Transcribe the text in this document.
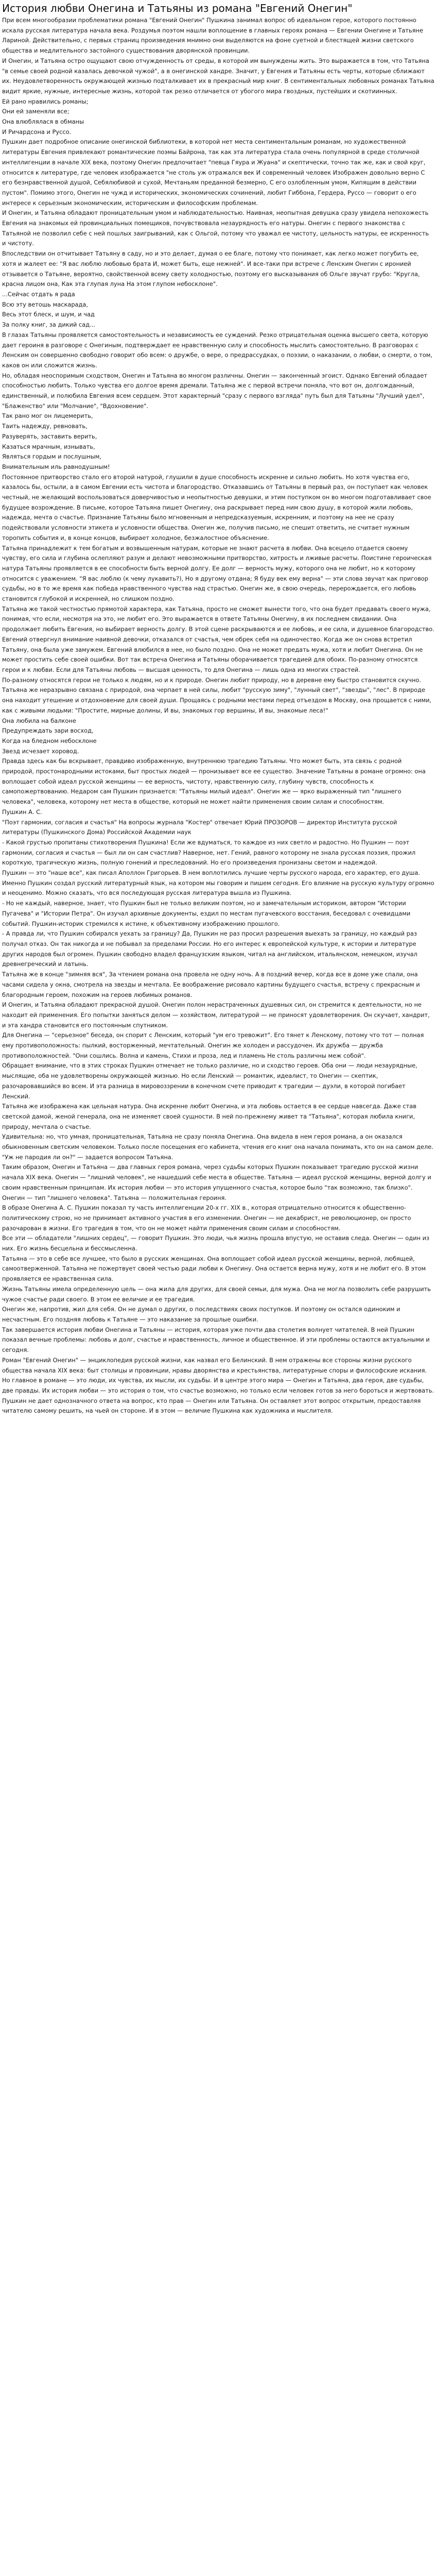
История любви Онегина и Татьяны из романа "Евгений Онегин"

При всем многообразии проблематики романа "Евгений Онегин" Пушкина занимал вопрос об идеальном герое, которого постоянно искала русская литература начала века. Роздумья поэтом нашли воплощение в главных героях романа — Евгении Онегине и Татьяне Лариной. Действительно, с первых страниц произведения мнимно они выделяются на фоне суетной и блестящей жизни светского общества и медлительного застойного существования дворянской провинции.

И Онегин, и Татьяна остро ощущают свою отчужденность от среды, в которой им вынуждены жить. Это выражается в том, что Татьяна "в семье своей родной казалась девочкой чужой", а в онегинской хандре. Значит, у Евгения и Татьяны есть черты, которые сближают их. Неудовлетворенность окружающей жизнью подталкивает их в прекрасный мир книг. В сентиментальных любовных романах Татьяна видит яркие, нужные, интересные жизнь, которой так резко отличается от убогого мира гвоздных, пустейших и скотиинных.

Ей рано нравились романы;

Они ей заменяли все;

Она влюблялася в обманы

И Ричардсона и Руссо.

Пушкин дает подробное описание онегинской библиотеки, в которой нет места сентиментальным романам, но художественной литературы Евгения привлекают романтические поэмы Байрона, так как эта литература стала очень популярной в среде столичной интеллигенции в начале XIX века, поэтому Онегин предпочитает "певца Гяура и Жуана" и скептически, точно так же, как и свой круг, относится к литературе, где человек изображается "не столь уж отражался век И современный человек Изображен довольно верно С его безнравственной душой, Себялюбивой и сухой, Мечтаньям преданной безмерно, С его озлобленным умом, Кипящим в действии пустом". Помимо этого, Онегин не чужд и исторических, экономических сочинений, любит Гиббона, Гердера, Руссо — говорит о его интересе к серьезным экономическим, историческим и философским проблемам.

И Онегин, и Татьяна обладают проницательным умом и наблюдательностью. Наивная, неопытная девушка сразу увидела непохожесть Евгения на знакомых ей провинциальных помещиков, почувствовала незаурядность его натуры. Онегин с первого знакомства с Татьяной не позволил себе с ней пошлых заигрываний, как с Ольгой, потому что уважал ее чистоту, цельность натуры, ее искренность и чистоту.

Впоследствии он отчитывает Татьяну в саду, но и это делает, думая о ее благе, потому что понимает, как легко может погубить ее, хотя и жалеет ее: "Я вас люблю любовью брата И, может быть, еще нежней". И все-таки при встрече с Ленским Онегин с иронией отзывается о Татьяне, вероятно, свойственной всему свету холодностью, поэтому его высказывания об Ольге звучат грубо: "Кругла, красна лицом она, Как эта глупая луна На этом глупом небосклоне".

...Сейчас отдать я рада

Всю эту ветошь маскарада,

Весь этот блеск, и шум, и чад

За полку книг, за дикий сад...

В глазах Татьяны проявляется самостоятельность и независимость ее суждений. Резко отрицательная оценка высшего света, которую дает героиня в разговоре с Онегиным, подтверждает ее нравственную силу и способность мыслить самостоятельно. В разговорах с Ленским он совершенно свободно говорит обо всем: о дружбе, о вере, о предрассудках, о поэзии, о наказании, о любви, о смерти, о том, каков он или сложится жизнь.

Но, обладая неоспоримым сходством, Онегин и Татьяна во многом различны. Онегин — законченный эгоист. Однако Евгений обладает способностью любить. Только чувства его долгое время дремали. Татьяна же с первой встречи поняла, что вот он, долгожданный, единственный, и полюбила Евгения всем сердцем. Этот характерный "сразу с первого взгляда" путь был для Татьяны "Лучший удел", "Блаженство" или "Молчание", "Вдохновение".

Так рано мог он лицемерить,

Таить надежду, ревновать,

Разуверять, заставить верить,

Казаться мрачным, изнывать,

Являться гордым и послушным,

Внимательным иль равнодушным!

Постоянное притворство стало его второй натурой, глушили в душе способность искренне и сильно любить. Но хотя чувства его, казалось бы, остыли, а в самом Евгении есть чистота и благородство. Отказавшись от Татьяны в первый раз, он поступает как человек честный, не желающий воспользоваться доверчивостью и неопытностью девушки, и этим поступком он во многом подготавливает свое будущее возрождение. В письме, которое Татьяна пишет Онегину, она раскрывает перед ним свою душу, в которой жили любовь, надежда, мечта о счастье. Признание Татьяны было мгновенным и непредсказуемым, искренним, и поэтому на нее не сразу подействовали условности этикета и условности общества. Онегин же, получив письмо, не спешит ответить, не считает нужным торопить события и, в конце концов, выбирает холодное, безжалостное объяснение.

Татьяна принадлежит к тем богатым и возвышенным натурам, которые не знают расчета в любви. Она всецело отдается своему чувству, его сила и глубина ослепляют разум и делают невозможными притворство, хитрость и лживые расчеты. Поистине героическая натура Татьяны проявляется в ее способности быть верной долгу. Ее долг — верность мужу, которого она не любит, но к которому относится с уважением. "Я вас люблю (к чему лукавить?), Но я другому отдана; Я буду век ему верна" — эти слова звучат как приговор судьбы, но в то же время как победа нравственного чувства над страстью. Онегин же, в свою очередь, перерождается, его любовь становится глубокой и искренней, но слишком поздно.

Татьяна же такой честностью прямотой характера, как Татьяна, просто не сможет вынести того, что она будет предавать своего мужа, понимая, что если, несмотря на это, не любит его. Это выражается в ответе Татьяны Онегину, в их последнем свидании. Она продолжает любить Евгения, но выбирает верность долгу. В этой сцене раскрываются и ее любовь, и ее сила, и душевное благородство.

Евгений отвергнул внимание наивной девочки, отказался от счастья, чем обрек себя на одиночество. Когда же он снова встретил Татьяну, она была уже замужем. Евгений влюбился в нее, но было поздно. Она не может предать мужа, хотя и любит Онегина. Он не может простить себе своей ошибки. Вот так встреча Онегина и Татьяны оборачивается трагедией для обоих. По-разному относятся герои и к любви. Если для Татьяны любовь — высшая ценность, то для Онегина — лишь одна из многих страстей.

По-разному относятся герои не только к людям, но и к природе. Онегин любит природу, но в деревне ему быстро становится скучно. Татьяна же неразрывно связана с природой, она черпает в ней силы, любит "русскую зиму", "лунный свет", "звезды", "лес". В природе она находит утешение и отдохновение для своей души. Прощаясь с родными местами перед отъездом в Москву, она прощается с ними, как с живыми людьми: "Простите, мирные долины, И вы, знакомых гор вершины, И вы, знакомые леса!"

Она любила на балконе

Предупреждать зари восход,

Когда на бледном небосклоне

Звезд исчезает хоровод.

Правда здесь как бы вскрывает, правдиво изображенную, внутреннюю трагедию Татьяны. Что может быть, эта связь с родной природой, простонародными истоками, быт простых людей — пронизывает все ее существо. Значение Татьяны в романе огромно: она воплощает собой идеал русской женщины — ее верность, чистоту, нравственную силу, глубину чувств, способность к самопожертвованию. Недаром сам Пушкин признается: "Татьяны милый идеал". Онегин же — ярко выраженный тип "лишнего человека", человека, которому нет места в обществе, который не может найти применения своим силам и способностям.

Пушкин А. С.

"Поэт гармонии, согласия и счастья" На вопросы журнала "Костер" отвечает Юрий ПРОЗОРОВ — директор Института русской литературы (Пушкинского Дома) Российской Академии наук

- Какой грустью пропитаны стихотворения Пушкина! Если же вдуматься, то каждое из них светло и радостно. Но Пушкин — поэт гармонии, согласия и счастья — был ли он сам счастлив? Наверное, нет. Гений, равного которому не знала русская поэзия, прожил короткую, трагическую жизнь, полную гонений и преследований. Но его произведения пронизаны светом и надеждой.

Пушкин — это "наше все", как писал Аполлон Григорьев. В нем воплотились лучшие черты русского народа, его характер, его душа. Именно Пушкин создал русский литературный язык, на котором мы говорим и пишем сегодня. Его влияние на русскую культуру огромно и неоценимо. Можно сказать, что вся последующая русская литература вышла из Пушкина.

- Но не каждый, наверное, знает, что Пушкин был не только великим поэтом, но и замечательным историком, автором "Истории Пугачева" и "Истории Петра". Он изучал архивные документы, ездил по местам пугачевского восстания, беседовал с очевидцами событий. Пушкин-историк стремился к истине, к объективному изображению прошлого.

- А правда ли, что Пушкин собирался уехать за границу? Да, Пушкин не раз просил разрешения выехать за границу, но каждый раз получал отказ. Он так никогда и не побывал за пределами России. Но его интерес к европейской культуре, к истории и литературе других народов был огромен. Пушкин свободно владел французским языком, читал на английском, итальянском, немецком, изучал древнегреческий и латынь.

Татьяна же в конце "зимняя вся", За чтением романа она провела не одну ночь. А в поздний вечер, когда все в доме уже спали, она часами сидела у окна, смотрела на звезды и мечтала. Ее воображение рисовало картины будущего счастья, встречу с прекрасным и благородным героем, похожим на героев любимых романов.

И Онегин, и Татьяна обладают прекрасной душой. Онегин полон нерастраченных душевных сил, он стремится к деятельности, но не находит ей применения. Его попытки заняться делом — хозяйством, литературой — не приносят удовлетворения. Он скучает, хандрит, и эта хандра становится его постоянным спутником.

Для Онегина — "серьезное" беседа, он спорит с Ленским, который "ум его тревожит". Его тянет к Ленскому, потому что тот — полная ему противоположность: пылкий, восторженный, мечтательный. Онегин же холоден и рассудочен. Их дружба — дружба противоположностей. "Они сошлись. Волна и камень, Стихи и проза, лед и пламень Не столь различны меж собой".

Обращает внимание, что в этих строках Пушкин отмечает не только различие, но и сходство героев. Оба они — люди незаурядные, мыслящие, оба не удовлетворены окружающей жизнью. Но если Ленский — романтик, идеалист, то Онегин — скептик, разочаровавшийся во всем. И эта разница в мировоззрении в конечном счете приводит к трагедии — дуэли, в которой погибает Ленский.

Татьяна же изображена как цельная натура. Она искренне любит Онегина, и эта любовь остается в ее сердце навсегда. Даже став светской дамой, женой генерала, она не изменяет своей сущности. В ней по-прежнему живет та "Татьяна", которая любила книги, природу, мечтала о счастье.

Удивительна: но, что умная, проницательная, Татьяна не сразу поняла Онегина. Она видела в нем героя романа, а он оказался обыкновенным светским человеком. Только после посещения его кабинета, чтения его книг она начала понимать, кто он на самом деле. "Уж не пародия ли он?" — задается вопросом Татьяна.

Таким образом, Онегин и Татьяна — два главных героя романа, через судьбы которых Пушкин показывает трагедию русской жизни начала XIX века. Онегин — "лишний человек", не нашедший себе места в обществе. Татьяна — идеал русской женщины, верной долгу и своим нравственным принципам. Их история любви — это история упущенного счастья, которое было "так возможно, так близко".

Онегин — тип "лишнего человека". Татьяна — положительная героиня.

В образе Онегина А. С. Пушкин показал ту часть интеллигенции 20-х гг. XIX в., которая отрицательно относится к общественно-политическому строю, но не принимает активного участия в его изменении. Онегин — не декабрист, не революционер, он просто разочарован в жизни. Его трагедия в том, что он не может найти применения своим силам и способностям.

Все эти — обладатели "лишних сердец", — говорит Пушкин. Это люди, чья жизнь прошла впустую, не оставив следа. Онегин — один из них. Его жизнь бесцельна и бессмысленна.

Татьяна — это в себе все лучшее, что было в русских женщинах. Она воплощает собой идеал русской женщины, верной, любящей, самоотверженной. Татьяна не пожертвует своей честью ради любви к Онегину. Она остается верна мужу, хотя и не любит его. В этом проявляется ее нравственная сила.

Жизнь Татьяны имела определенную цель — она жила для других, для своей семьи, для мужа. Она не могла позволить себе разрушить чужое счастье ради своего. В этом ее величие и ее трагедия.

Онегин же, напротив, жил для себя. Он не думал о других, о последствиях своих поступков. И поэтому он остался одиноким и несчастным. Его поздняя любовь к Татьяне — это наказание за прошлые ошибки.

Так завершается история любви Онегина и Татьяны — история, которая уже почти два столетия волнует читателей. В ней Пушкин показал вечные проблемы: любовь и долг, счастье и нравственность, личное и общественное. И эти проблемы остаются актуальными и сегодня.

Роман "Евгений Онегин" — энциклопедия русской жизни, как назвал его Белинский. В нем отражены все стороны жизни русского общества начала XIX века: быт столицы и провинции, нравы дворянства и крестьянства, литературные споры и философские искания.

Но главное в романе — это люди, их чувства, их мысли, их судьбы. И в центре этого мира — Онегин и Татьяна, два героя, две судьбы, две правды. Их история любви — это история о том, что счастье возможно, но только если человек готов за него бороться и жертвовать.

Пушкин не дает однозначного ответа на вопрос, кто прав — Онегин или Татьяна. Он оставляет этот вопрос открытым, предоставляя читателю самому решить, на чьей он стороне. И в этом — величие Пушкина как художника и мыслителя.
